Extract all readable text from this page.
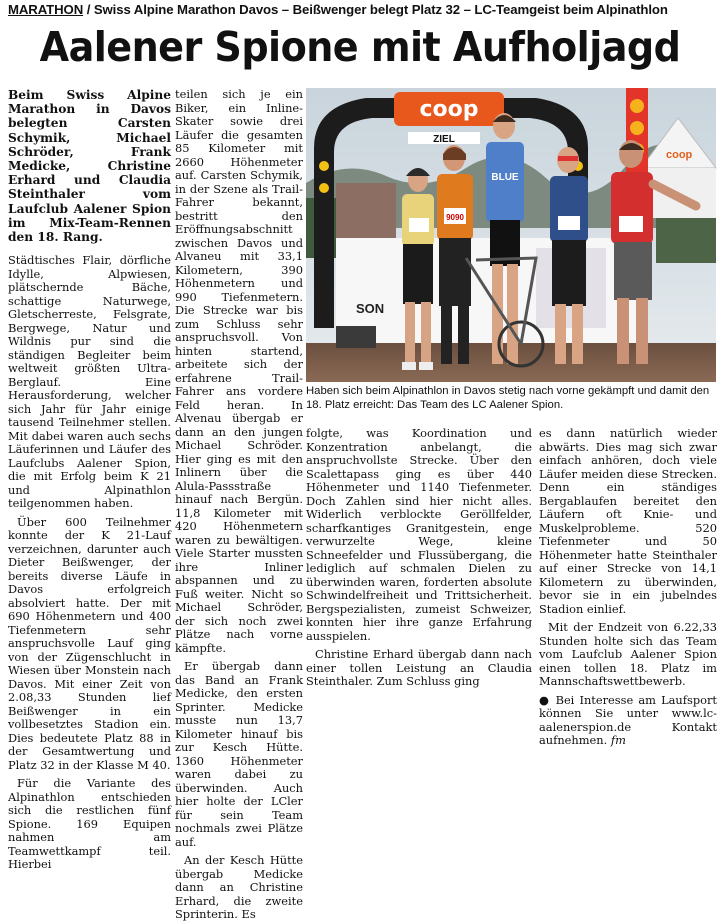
MARATHON / Swiss Alpine Marathon Davos – Beißwenger belegt Platz 32 – LC-Teamgeist beim Alpinathlon
Aalener Spione mit Aufholjagd

Beim Swiss Alpine Marathon in Davos belegten Carsten Schymik, Michael Schröder, Frank Medicke, Christine Erhard und Claudia Steinthaler vom Laufclub Aalener Spion im Mix-Team-Rennen den 18. Rang.

Städtisches Flair, dörfliche Idylle, Alpwiesen, plätschernde Bäche, schattige Naturwege, Gletscherreste, Felsgrate, Bergwege, Natur und Wildnis pur sind die ständigen Begleiter beim weltweit größten Ultra-Berglauf. Eine Herausforderung, welcher sich Jahr für Jahr einige tausend Teilnehmer stellen. Mit dabei waren auch sechs Läuferinnen und Läufer des Laufclubs Aalener Spion, die mit Erfolg beim K 21 und Alpinathlon teilgenommen haben.

Über 600 Teilnehmer konnte der K 21-Lauf verzeichnen, darunter auch Dieter Beißwenger, der bereits diverse Läufe in Davos erfolgreich absolviert hatte. Der mit 690 Höhenmetern und 400 Tiefenmetern sehr anspruchsvolle Lauf ging von der Zügenschlucht in Wiesen über Monstein nach Davos. Mit einer Zeit von 2.08,33 Stunden lief Beißwenger in ein vollbesetztes Stadion ein. Dies bedeutete Platz 88 in der Gesamtwertung und Platz 32 in der Klasse M 40.

Für die Variante des Alpinathlon entschieden sich die restlichen fünf Spione. 169 Equipen nahmen am Teamwettkampf teil. Hierbei

teilen sich je ein Biker, ein Inline-Skater sowie drei Läufer die gesamten 85 Kilometer mit 2660 Höhenmeter auf. Carsten Schymik, in der Szene als Trail-Fahrer bekannt, bestritt den Eröffnungsabschnitt zwischen Davos und Alvaneu mit 33,1 Kilometern, 390 Höhenmetern und 990 Tiefenmetern. Die Strecke war bis zum Schluss sehr anspruchsvoll. Von hinten startend, arbeitete sich der erfahrene Trail-Fahrer ans vordere Feld heran. In Alvenau übergab er dann an den jungen Michael Schröder. Hier ging es mit den Inlinern über die Alula-Passstraße hinauf nach Bergün. 11,8 Kilometer mit 420 Höhenmetern waren zu bewältigen. Viele Starter mussten ihre Inliner abspannen und zu Fuß weiter. Nicht so Michael Schröder, der sich noch zwei Plätze nach vorne kämpfte.

Er übergab dann das Band an Frank Medicke, den ersten Sprinter. Medicke musste nun 13,7 Kilometer hinauf bis zur Kesch Hütte. 1360 Höhenmeter waren dabei zu überwinden. Auch hier holte der LCler für sein Team nochmals zwei Plätze auf.

An der Kesch Hütte übergab Medicke dann an Christine Erhard, die zweite Sprinterin. Es

coop
coop
ZIEL
SON
9090
BLUE
Haben sich beim Alpinathlon in Davos stetig nach vorne gekämpft und damit den 18. Platz erreicht: Das Team des LC Aalener Spion.

folgte, was Koordination und Konzentration anbelangt, die anspruchvollste Strecke. Über den Scalettapass ging es über 440 Höhenmeter und 1140 Tiefenmeter. Doch Zahlen sind hier nicht alles. Widerlich verblockte Geröllfelder, scharfkantiges Granitgestein, enge verwurzelte Wege, kleine Schneefelder und Flussübergang, die lediglich auf schmalen Dielen zu überwinden waren, forderten absolute Schwindelfreiheit und Trittsicherheit. Bergspezialisten, zumeist Schweizer, konnten hier ihre ganze Erfahrung ausspielen.

Christine Erhard übergab dann nach einer tollen Leistung an Claudia Steinthaler. Zum Schluss ging

es dann natürlich wieder abwärts. Dies mag sich zwar einfach anhören, doch viele Läufer meiden diese Strecken. Denn ein ständiges Bergablaufen bereitet den Läufern oft Knie- und Muskelprobleme. 520 Tiefenmeter und 50 Höhenmeter hatte Steinthaler auf einer Strecke von 14,1 Kilometern zu überwinden, bevor sie in ein jubelndes Stadion einlief.

Mit der Endzeit von 6.22,33 Stunden holte sich das Team vom Laufclub Aalener Spion einen tollen 18. Platz im Mannschaftswettbewerb.

● Bei Interesse am Laufsport können Sie unter www.lc-aalenerspion.de Kontakt aufnehmen. fm
